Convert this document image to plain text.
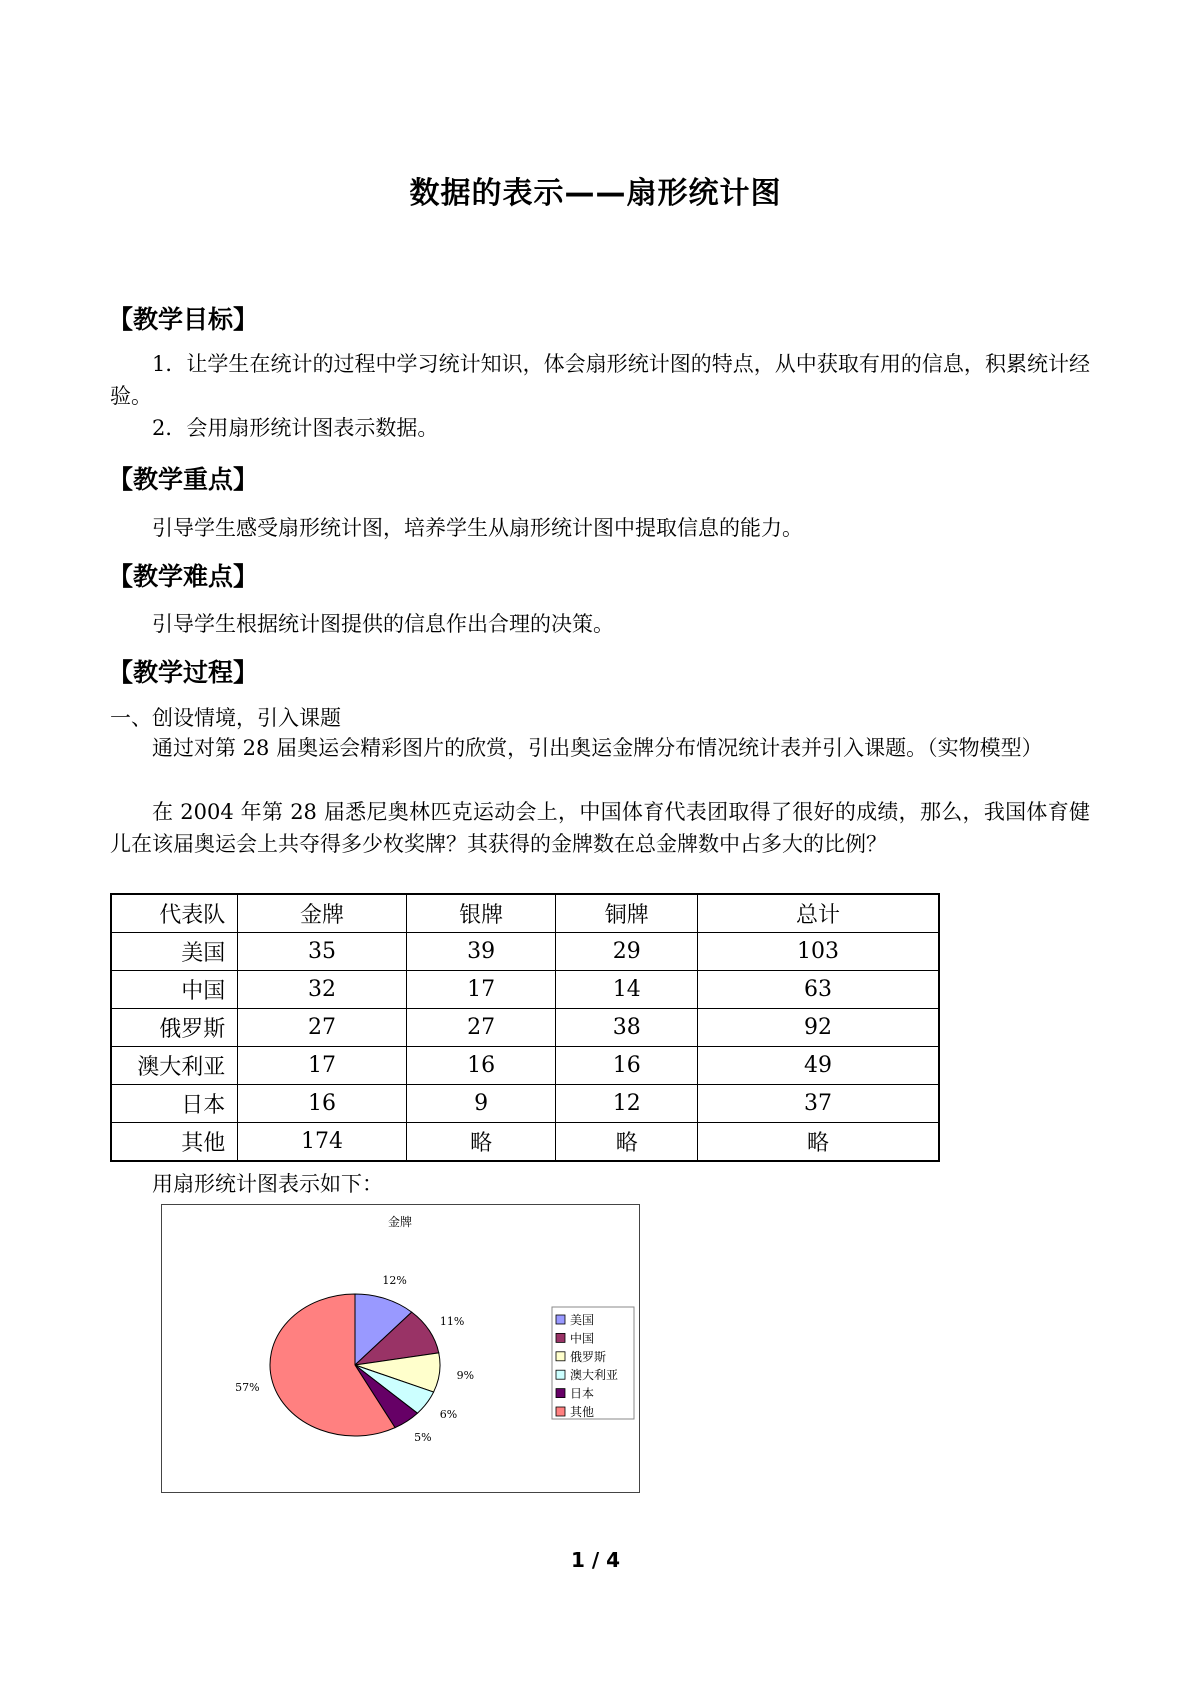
数据的表示——扇形统计图
【教学目标】
1．让学生在统计的过程中学习统计知识，体会扇形统计图的特点，从中获取有用的信息，积累统计经验。
2．会用扇形统计图表示数据。
【教学重点】
引导学生感受扇形统计图，培养学生从扇形统计图中提取信息的能力。
【教学难点】
引导学生根据统计图提供的信息作出合理的决策。
【教学过程】
一、创设情境，引入课题
通过对第 28 届奥运会精彩图片的欣赏，引出奥运金牌分布情况统计表并引入课题。（实物模型）
在 2004 年第 28 届悉尼奥林匹克运动会上，中国体育代表团取得了很好的成绩，那么，我国体育健儿在该届奥运会上共夺得多少枚奖牌？其获得的金牌数在总金牌数中占多大的比例？
代表队	金牌	银牌	铜牌	总计
美国	35	39	29	103
中国	32	17	14	63
俄罗斯	27	27	38	92
澳大利亚	17	16	16	49
日本	16	9	12	37
其他	174	略	略	略
用扇形统计图表示如下：
金牌
12%
11%
9%
6%
5%
57%
美国
中国
俄罗斯
澳大利亚
日本
其他
1 / 4
